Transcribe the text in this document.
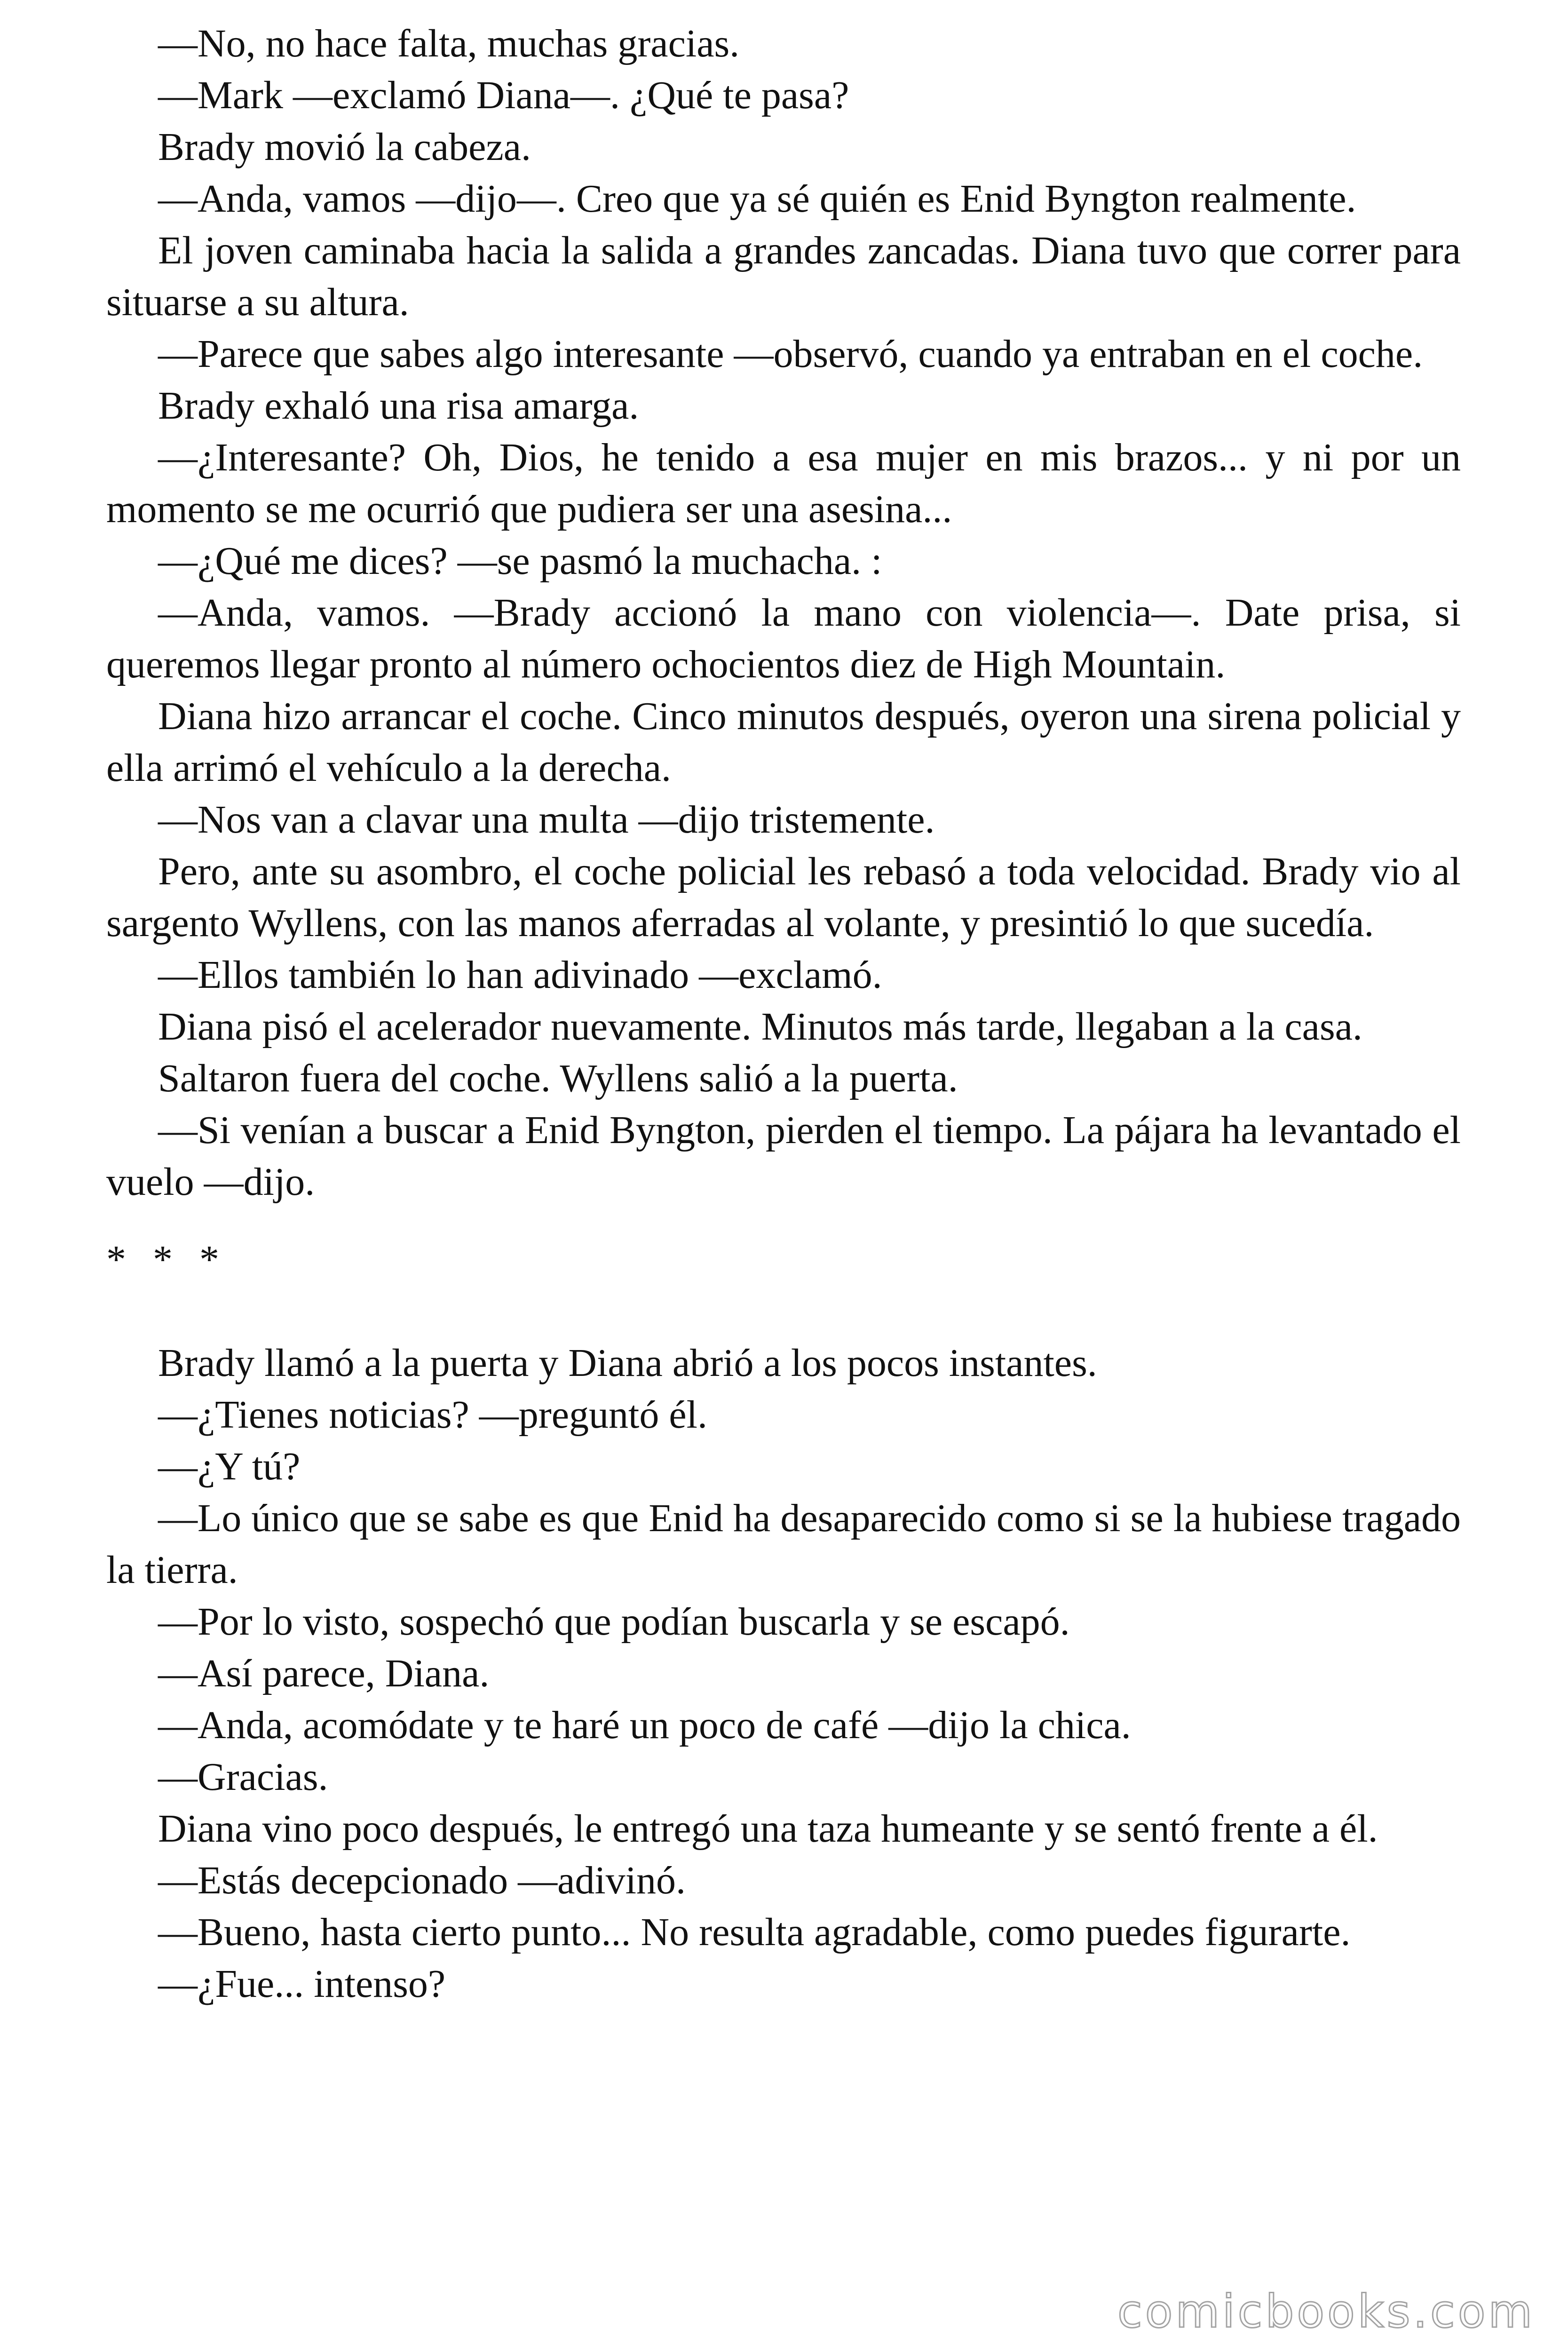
—No, no hace falta, muchas gracias.

—Mark —exclamó Diana—. ¿Qué te pasa?

Brady movió la cabeza.

—Anda, vamos —dijo—. Creo que ya sé quién es Enid Byngton realmente.

El joven caminaba hacia la salida a grandes zancadas. Diana tuvo que correr para situarse a su altura.

—Parece que sabes algo interesante —observó, cuando ya entraban en el coche.

Brady exhaló una risa amarga.

—¿Interesante? Oh, Dios, he tenido a esa mujer en mis brazos... y ni por un momento se me ocurrió que pudiera ser una asesina...

—¿Qué me dices? —se pasmó la muchacha. :

—Anda, vamos. —Brady accionó la mano con violencia—. Date prisa, si queremos llegar pronto al número ochocientos diez de High Mountain.

Diana hizo arrancar el coche. Cinco minutos después, oyeron una sirena policial y ella arrimó el vehículo a la derecha.

—Nos van a clavar una multa —dijo tristemente.

Pero, ante su asombro, el coche policial les rebasó a toda velocidad. Brady vio al sargento Wyllens, con las manos aferradas al volante, y presintió lo que sucedía.

—Ellos también lo han adivinado —exclamó.

Diana pisó el acelerador nuevamente. Minutos más tarde, llegaban a la casa.

Saltaron fuera del coche. Wyllens salió a la puerta.

—Si venían a buscar a Enid Byngton, pierden el tiempo. La pájara ha levantado el vuelo —dijo.

* * *

Brady llamó a la puerta y Diana abrió a los pocos instantes.

—¿Tienes noticias? —preguntó él.

—¿Y tú?

—Lo único que se sabe es que Enid ha desaparecido como si se la hubiese tragado la tierra.

—Por lo visto, sospechó que podían buscarla y se escapó.

—Así parece, Diana.

—Anda, acomódate y te haré un poco de café —dijo la chica.

—Gracias.

Diana vino poco después, le entregó una taza humeante y se sentó frente a él.

—Estás decepcionado —adivinó.

—Bueno, hasta cierto punto... No resulta agradable, como puedes figurarte.

—¿Fue... intenso?

comicbooks.com
